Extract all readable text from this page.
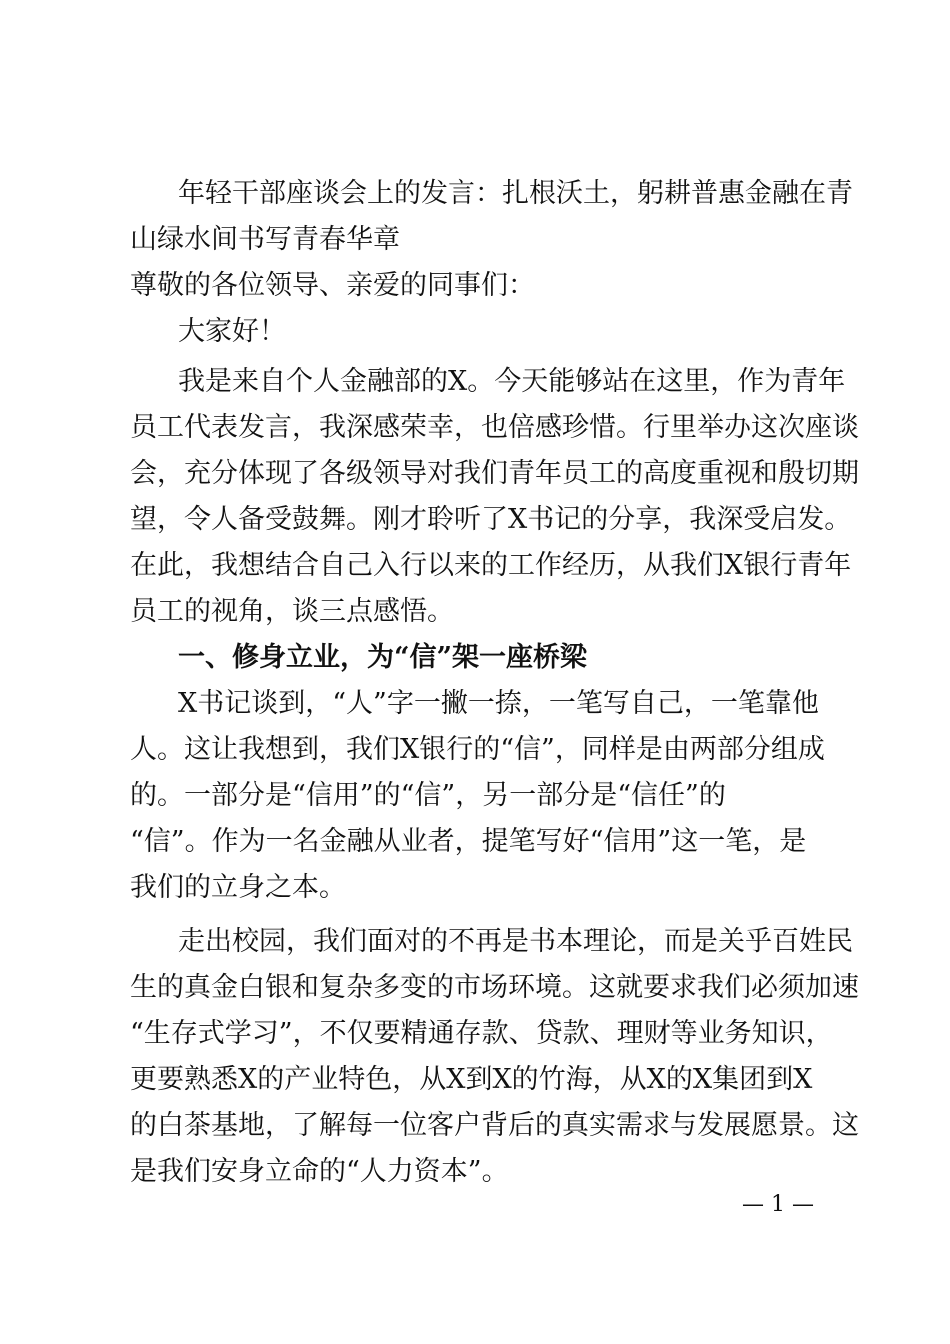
年轻干部座谈会上的发言：扎根沃土，躬耕普惠金融在青

山绿水间书写青春华章

尊敬的各位领导、亲爱的同事们：

大家好！

我是来自个人金融部的X。今天能够站在这里，作为青年

员工代表发言，我深感荣幸，也倍感珍惜。行里举办这次座谈

会，充分体现了各级领导对我们青年员工的高度重视和殷切期

望，令人备受鼓舞。刚才聆听了X书记的分享，我深受启发。

在此，我想结合自己入行以来的工作经历，从我们X银行青年

员工的视角，谈三点感悟。

一、修身立业，为“信”架一座桥梁

X书记谈到，“人”字一撇一捺，一笔写自己，一笔靠他

人。这让我想到，我们X银行的“信”，同样是由两部分组成

的。一部分是“信用”的“信”，另一部分是“信任”的

“信”。作为一名金融从业者，提笔写好“信用”这一笔，是

我们的立身之本。

走出校园，我们面对的不再是书本理论，而是关乎百姓民

生的真金白银和复杂多变的市场环境。这就要求我们必须加速

“生存式学习”，不仅要精通存款、贷款、理财等业务知识，

更要熟悉X的产业特色，从X到X的竹海，从X的X集团到X

的白茶基地，了解每一位客户背后的真实需求与发展愿景。这

是我们安身立命的“人力资本”。

— 1 —
